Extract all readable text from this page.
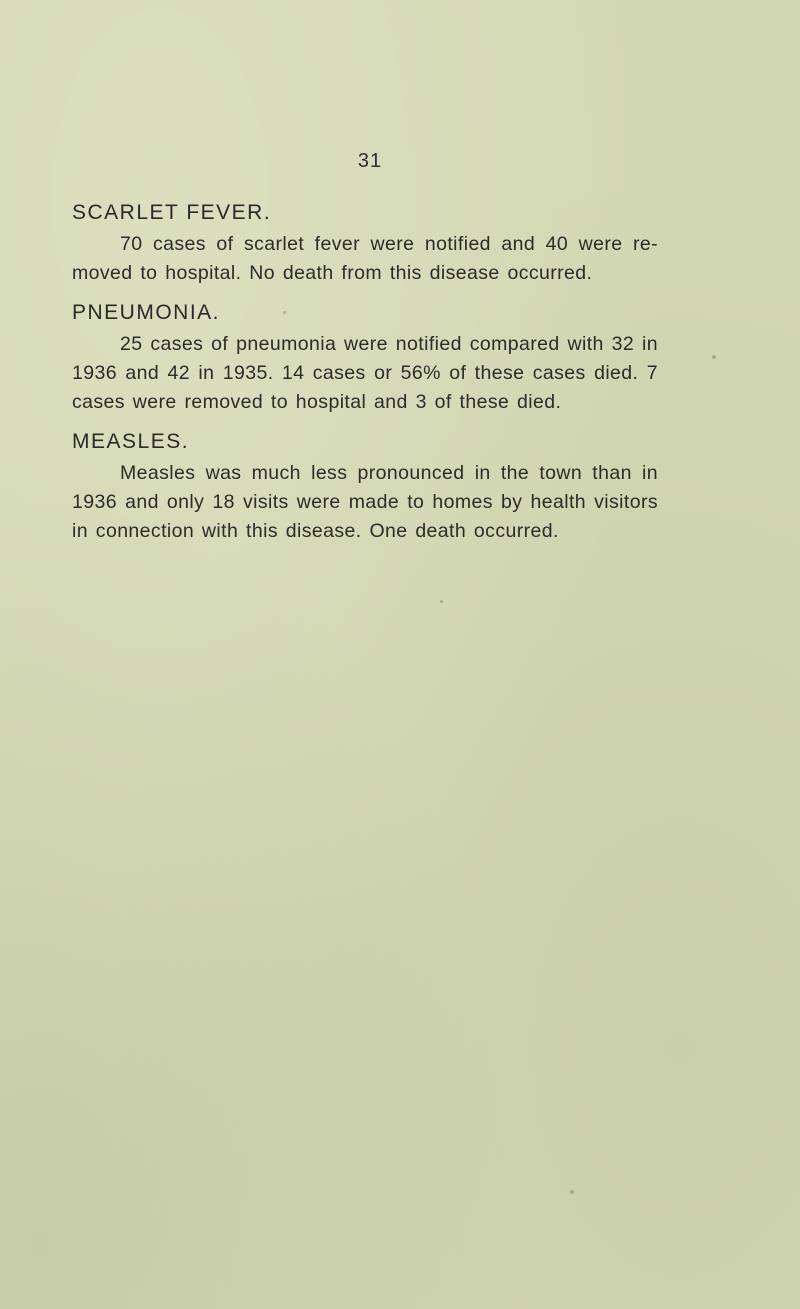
31
SCARLET FEVER.

70 cases of scarlet fever were notified and 40 were re- moved to hospital. No death from this disease occurred.

PNEUMONIA.

25 cases of pneumonia were notified compared with 32 in 1936 and 42 in 1935. 14 cases or 56% of these cases died. 7 cases were removed to hospital and 3 of these died.

MEASLES.

Measles was much less pronounced in the town than in 1936 and only 18 visits were made to homes by health visitors in connection with this disease. One death occurred.
